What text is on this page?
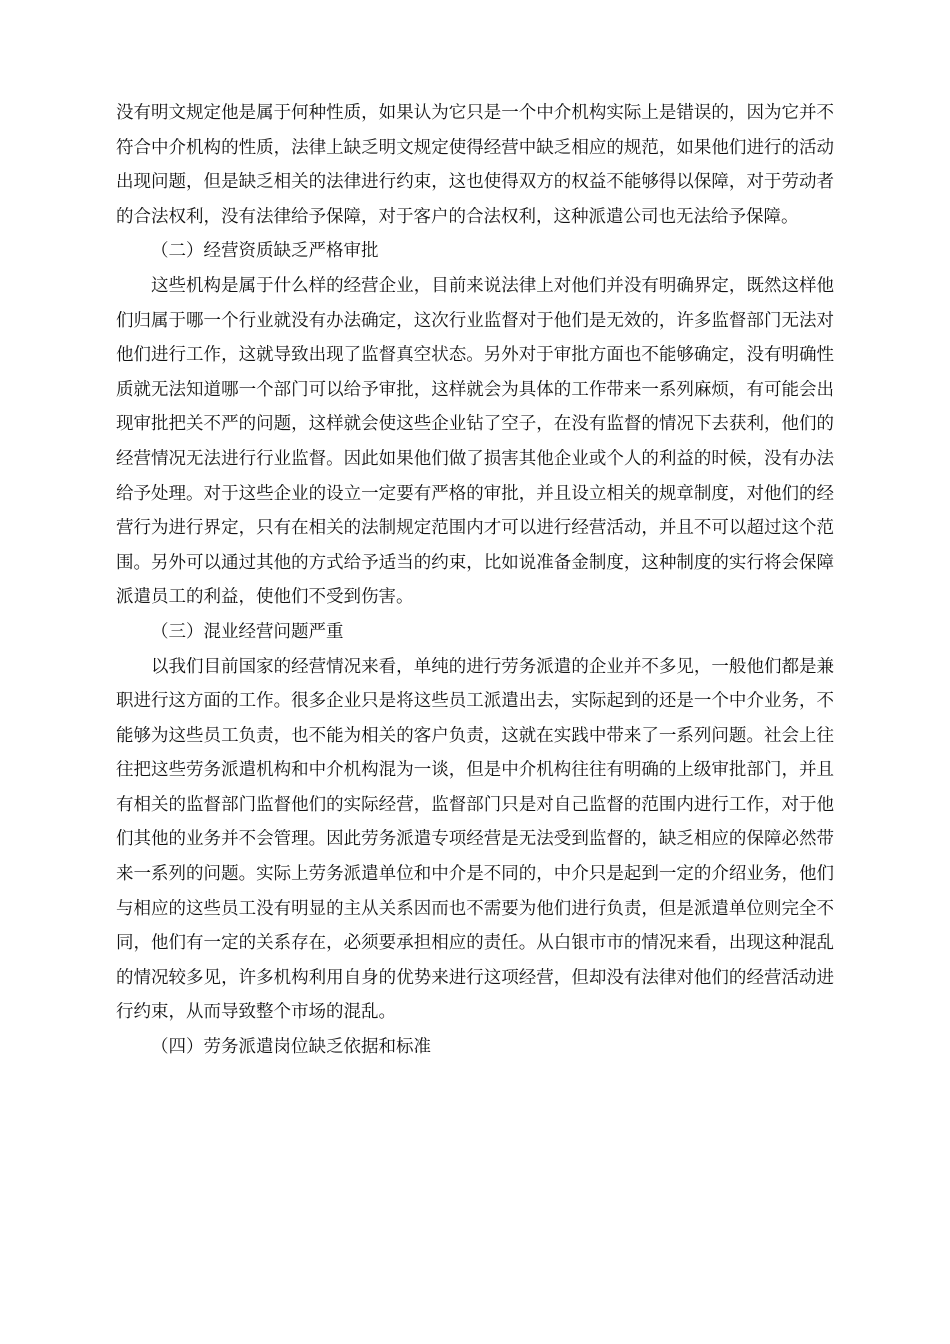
没有明文规定他是属于何种性质，如果认为它只是一个中介机构实际上是错误的，因为它并不符合中介机构的性质，法律上缺乏明文规定使得经营中缺乏相应的规范，如果他们进行的活动出现问题，但是缺乏相关的法律进行约束，这也使得双方的权益不能够得以保障，对于劳动者的合法权利，没有法律给予保障，对于客户的合法权利，这种派遣公司也无法给予保障。

（二）经营资质缺乏严格审批

这些机构是属于什么样的经营企业，目前来说法律上对他们并没有明确界定，既然这样他们归属于哪一个行业就没有办法确定，这次行业监督对于他们是无效的，许多监督部门无法对他们进行工作，这就导致出现了监督真空状态。另外对于审批方面也不能够确定，没有明确性质就无法知道哪一个部门可以给予审批，这样就会为具体的工作带来一系列麻烦，有可能会出现审批把关不严的问题，这样就会使这些企业钻了空子，在没有监督的情况下去获利，他们的经营情况无法进行行业监督。因此如果他们做了损害其他企业或个人的利益的时候，没有办法给予处理。对于这些企业的设立一定要有严格的审批，并且设立相关的规章制度，对他们的经营行为进行界定，只有在相关的法制规定范围内才可以进行经营活动，并且不可以超过这个范围。另外可以通过其他的方式给予适当的约束，比如说准备金制度，这种制度的实行将会保障派遣员工的利益，使他们不受到伤害。

（三）混业经营问题严重

以我们目前国家的经营情况来看，单纯的进行劳务派遣的企业并不多见，一般他们都是兼职进行这方面的工作。很多企业只是将这些员工派遣出去，实际起到的还是一个中介业务，不能够为这些员工负责，也不能为相关的客户负责，这就在实践中带来了一系列问题。社会上往往把这些劳务派遣机构和中介机构混为一谈，但是中介机构往往有明确的上级审批部门，并且有相关的监督部门监督他们的实际经营，监督部门只是对自己监督的范围内进行工作，对于他们其他的业务并不会管理。因此劳务派遣专项经营是无法受到监督的，缺乏相应的保障必然带来一系列的问题。实际上劳务派遣单位和中介是不同的，中介只是起到一定的介绍业务，他们与相应的这些员工没有明显的主从关系因而也不需要为他们进行负责，但是派遣单位则完全不同，他们有一定的关系存在，必须要承担相应的责任。从白银市市的情况来看，出现这种混乱的情况较多见，许多机构利用自身的优势来进行这项经营，但却没有法律对他们的经营活动进行约束，从而导致整个市场的混乱。

（四）劳务派遣岗位缺乏依据和标准
